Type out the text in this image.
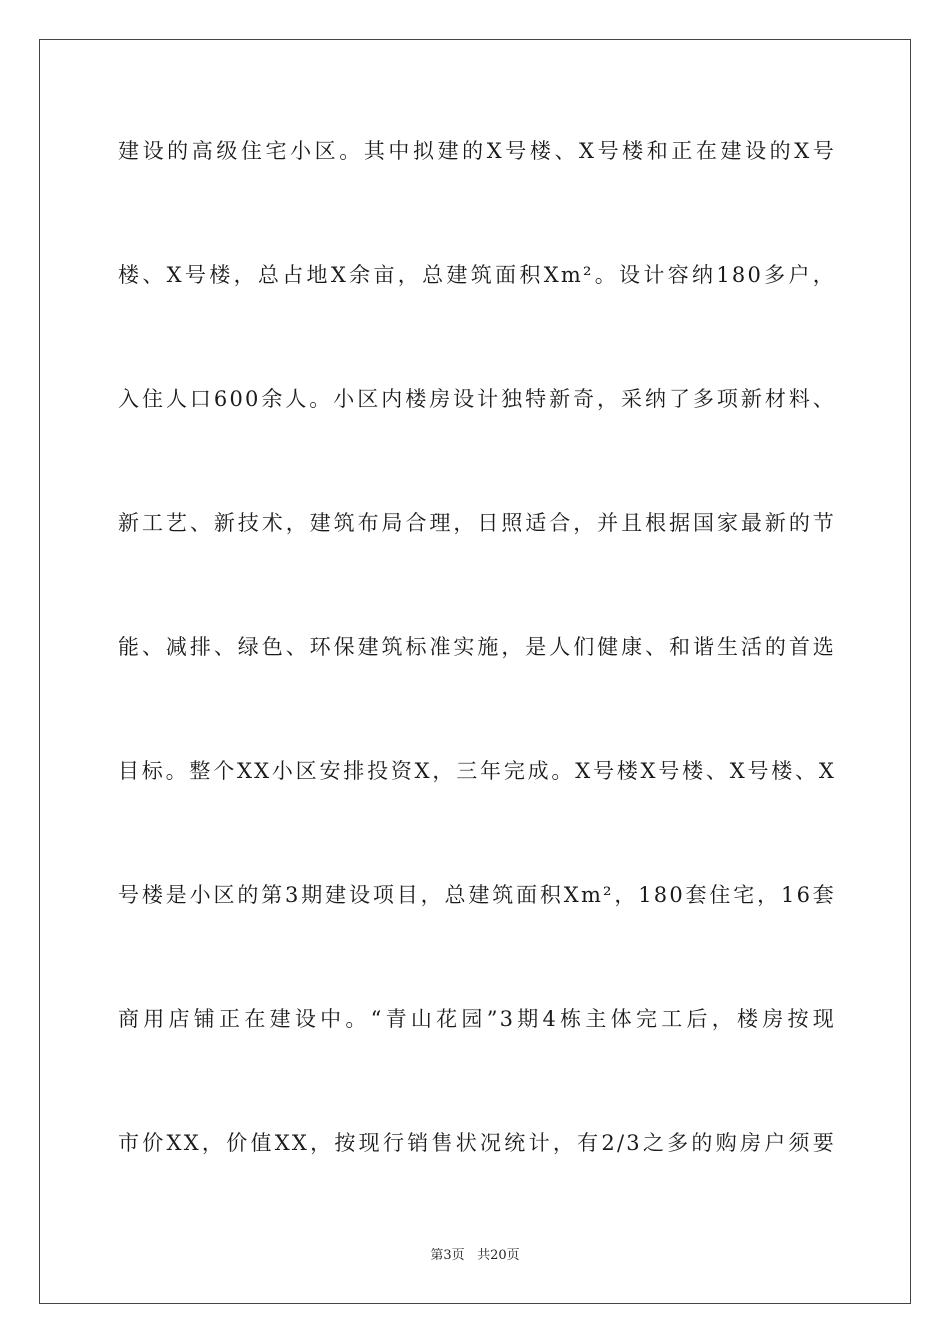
建设的高级住宅小区。其中拟建的X号楼、X号楼和正在建设的X号
楼、X号楼，总占地X余亩，总建筑面积Xm²。设计容纳180多户，
入住人口600余人。小区内楼房设计独特新奇，采纳了多项新材料、
新工艺、新技术，建筑布局合理，日照适合，并且根据国家最新的节
能、减排、绿色、环保建筑标准实施，是人们健康、和谐生活的首选
目标。整个XX小区安排投资X，三年完成。X号楼X号楼、X号楼、X
号楼是小区的第3期建设项目，总建筑面积Xm²，180套住宅，16套
商用店铺正在建设中。“青山花园”3期4栋主体完工后，楼房按现
市价XX，价值XX，按现行销售状况统计，有2/3之多的购房户须要
第3页 共20页
